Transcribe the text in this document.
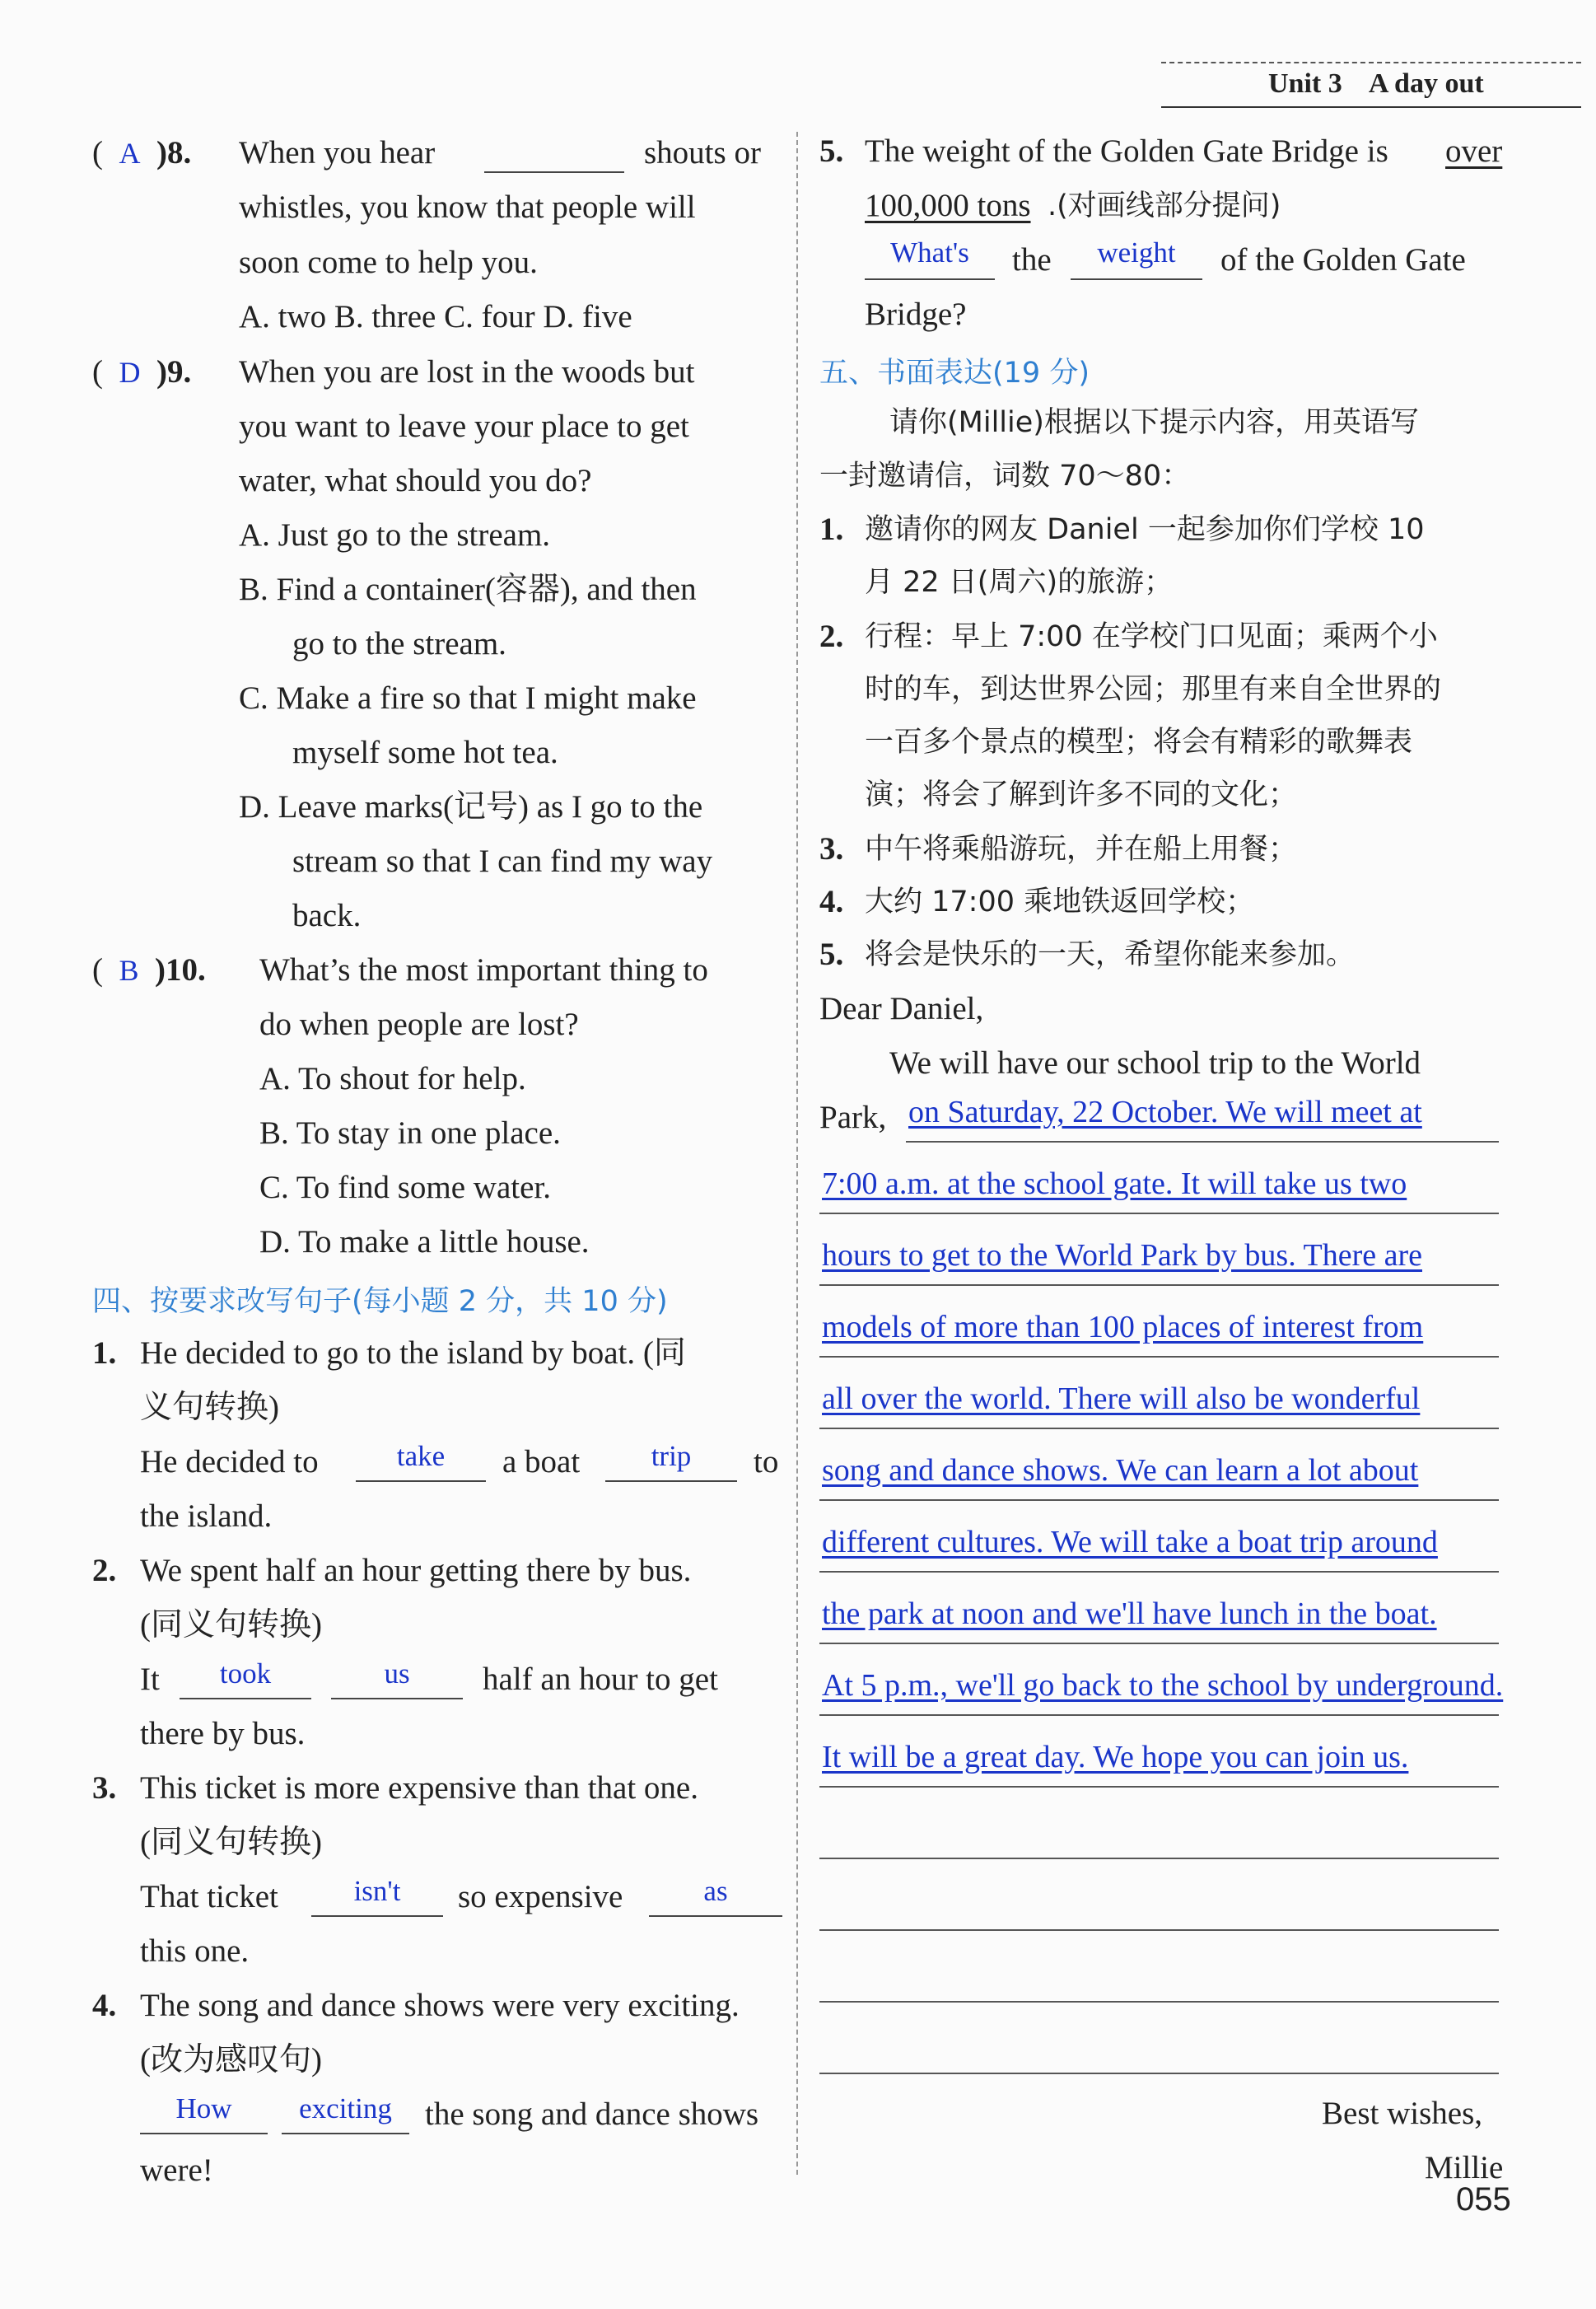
Unit 3    A day out
(  A )8. When you hear	shouts or
whistles, you know that people will
soon come to help you.
A. two B. three C. four D. five
(  D )9. When you are lost in the woods but
you want to leave your place to get
water, what should you do?
A. Just go to the stream.
B. Find a container(容器), and then
go to the stream.
C. Make a fire so that I might make
myself some hot tea.
D. Leave marks(记号) as I go to the
stream so that I can find my way
back.
(  B )10. What’s the most important thing to
do when people are lost?
A. To shout for help.
B. To stay in one place.
C. To find some water.
D. To make a little house.
四、按要求改写句子(每小题 2 分，共 10 分)
1. He decided to go to the island by boat. (同
义句转换)
He decided to	take	a boat	trip	to
the island.
2. We spent half an hour getting there by bus.
(同义句转换)
It	took	us	half an hour to get
there by bus.
3. This ticket is more expensive than that one.
(同义句转换)
That ticket	isn't	so expensive	as
this one.
4. The song and dance shows were very exciting.
(改为感叹句)
How	exciting	the song and dance shows
were!
5. The weight of the Golden Gate Bridge is over
100,000 tons .(对画线部分提问)
What's	the	weight	of the Golden Gate
Bridge?
五、书面表达(19 分)
请你(Millie)根据以下提示内容，用英语写
一封邀请信，词数 70～80：
1. 邀请你的网友 Daniel 一起参加你们学校 10
月 22 日(周六)的旅游；
2. 行程：早上 7:00 在学校门口见面；乘两个小
时的车，到达世界公园；那里有来自全世界的
一百多个景点的模型；将会有精彩的歌舞表
演；将会了解到许多不同的文化；
3. 中午将乘船游玩，并在船上用餐；
4. 大约 17:00 乘地铁返回学校；
5. 将会是快乐的一天，希望你能来参加。
Dear Daniel,
We will have our school trip to the World
Park, on Saturday, 22 October. We will meet at
7:00 a.m. at the school gate. It will take us two
hours to get to the World Park by bus. There are
models of more than 100 places of interest from
all over the world. There will also be wonderful
song and dance shows. We can learn a lot about
different cultures. We will take a boat trip around
the park at noon and we'll have lunch in the boat.
At 5 p.m., we'll go back to the school by underground.
It will be a great day. We hope you can join us.
Best wishes,
Millie
055
